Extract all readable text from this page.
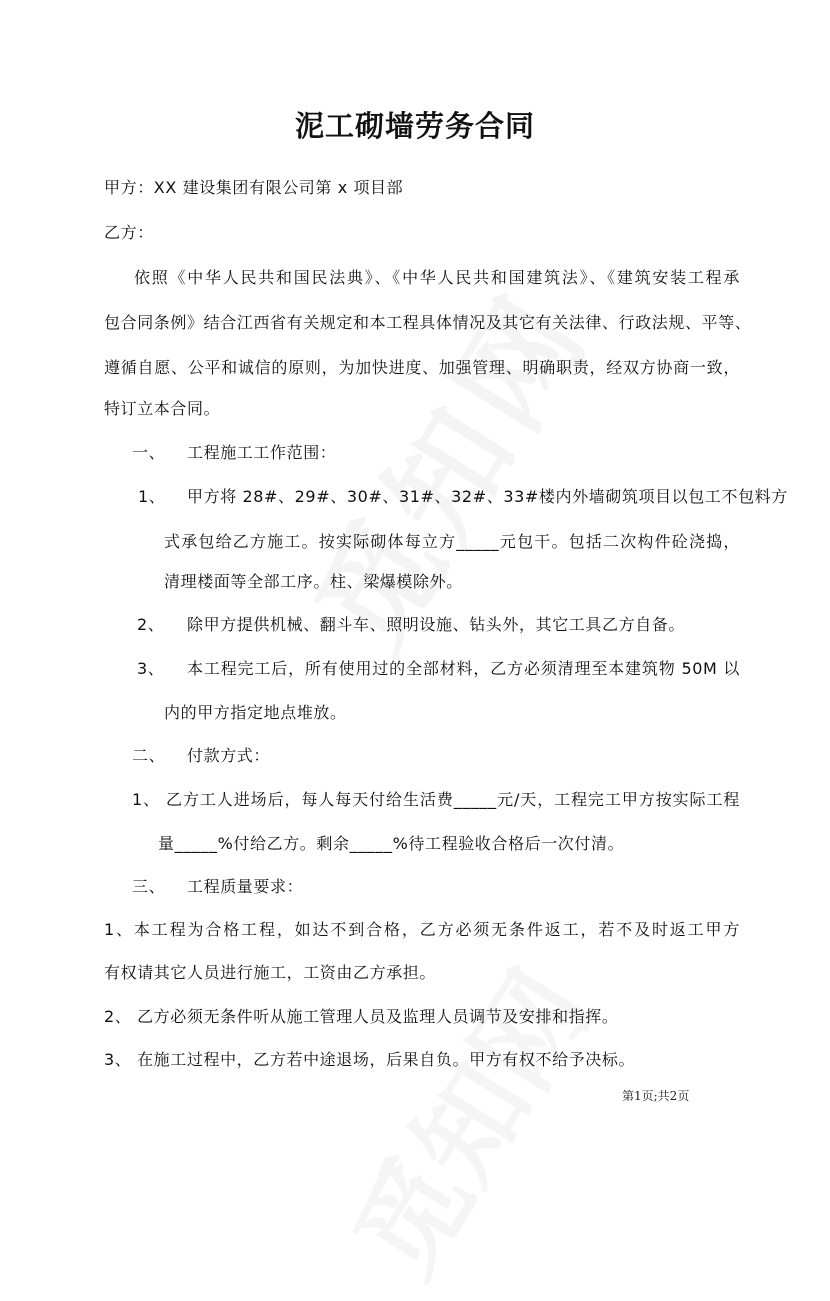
泥工砌墙劳务合同
甲方：XX 建设集团有限公司第 x 项目部
乙方：
依照《中华人民共和国民法典》、《中华人民共和国建筑法》、《建筑安装工程承
包合同条例》结合江西省有关规定和本工程具体情况及其它有关法律、行政法规、平等、
遵循自愿、公平和诚信的原则，为加快进度、加强管理、明确职责，经双方协商一致，
特订立本合同。
一、 工程施工工作范围：
1、 甲方将 28#、29#、30#、31#、32#、33#楼内外墙砌筑项目以包工不包料方
式承包给乙方施工。按实际砌体每立方_____元包干。包括二次构件砼浇捣，
清理楼面等全部工序。柱、梁爆模除外。
2、 除甲方提供机械、翻斗车、照明设施、钻头外，其它工具乙方自备。
3、 本工程完工后，所有使用过的全部材料，乙方必须清理至本建筑物 50M 以
内的甲方指定地点堆放。
二、 付款方式：
1、 乙方工人进场后，每人每天付给生活费_____元/天，工程完工甲方按实际工程
量_____%付给乙方。剩余_____%待工程验收合格后一次付清。
三、 工程质量要求：
1、本工程为合格工程，如达不到合格，乙方必须无条件返工，若不及时返工甲方
有权请其它人员进行施工，工资由乙方承担。
2、 乙方必须无条件听从施工管理人员及监理人员调节及安排和指挥。
3、 在施工过程中，乙方若中途退场，后果自负。甲方有权不给予决标。
第1页;共2页
